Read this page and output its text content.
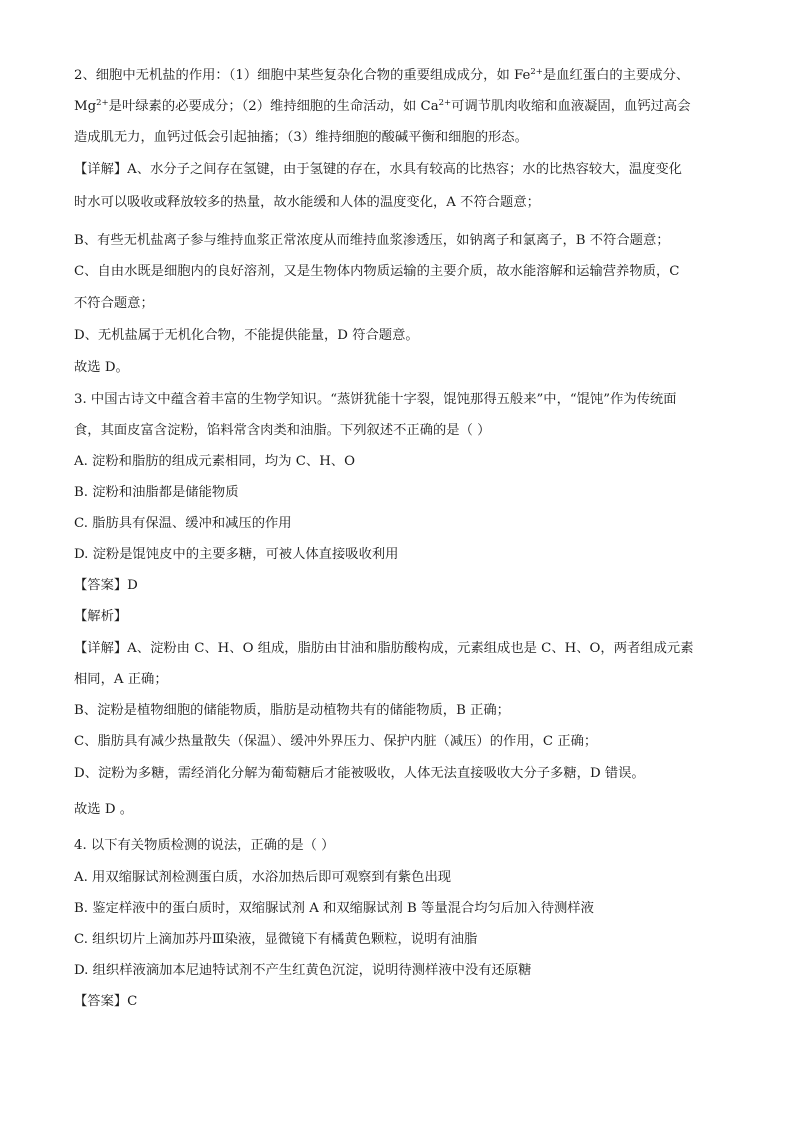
2、细胞中无机盐的作用：（1）细胞中某些复杂化合物的重要组成成分，如 $Fe^{2+}$是血红蛋白的主要成分、
$Mg^{2+}$是叶绿素的必要成分；（2）维持细胞的生命活动，如 $Ca^{2+}$可调节肌肉收缩和血液凝固，血钙过高会
造成肌无力，血钙过低会引起抽搐；（3）维持细胞的酸碱平衡和细胞的形态。
【详解】A、水分子之间存在氢键，由于氢键的存在，水具有较高的比热容；水的比热容较大，温度变化
时水可以吸收或释放较多的热量，故水能缓和人体的温度变化，A 不符合题意；
B、有些无机盐离子参与维持血浆正常浓度从而维持血浆渗透压，如钠离子和氯离子，B 不符合题意；
C、自由水既是细胞内的良好溶剂，又是生物体内物质运输的主要介质，故水能溶解和运输营养物质，C
不符合题意；
D、无机盐属于无机化合物，不能提供能量，D 符合题意。
故选 D。
3. 中国古诗文中蕴含着丰富的生物学知识。“蒸饼犹能十字裂，馄饨那得五般来”中，“馄饨”作为传统面
食，其面皮富含淀粉，馅料常含肉类和油脂。下列叙述不正确的是（ ）
A. 淀粉和脂肪的组成元素相同，均为 C、H、O
B. 淀粉和油脂都是储能物质
C. 脂肪具有保温、缓冲和减压的作用
D. 淀粉是馄饨皮中的主要多糖，可被人体直接吸收利用
【答案】D
【解析】
【详解】A、淀粉由 C、H、O 组成，脂肪由甘油和脂肪酸构成，元素组成也是 C、H、O，两者组成元素
相同，A 正确；
B、淀粉是植物细胞的储能物质，脂肪是动植物共有的储能物质，B 正确；
C、脂肪具有减少热量散失（保温）、缓冲外界压力、保护内脏（减压）的作用，C 正确；
D、淀粉为多糖，需经消化分解为葡萄糖后才能被吸收，人体无法直接吸收大分子多糖，D 错误。
故选 D 。
4. 以下有关物质检测的说法，正确的是（ ）
A. 用双缩脲试剂检测蛋白质，水浴加热后即可观察到有紫色出现
B. 鉴定样液中的蛋白质时，双缩脲试剂 A 和双缩脲试剂 B 等量混合均匀后加入待测样液
C. 组织切片上滴加苏丹Ⅲ染液，显微镜下有橘黄色颗粒，说明有油脂
D. 组织样液滴加本尼迪特试剂不产生红黄色沉淀，说明待测样液中没有还原糖
【答案】C
